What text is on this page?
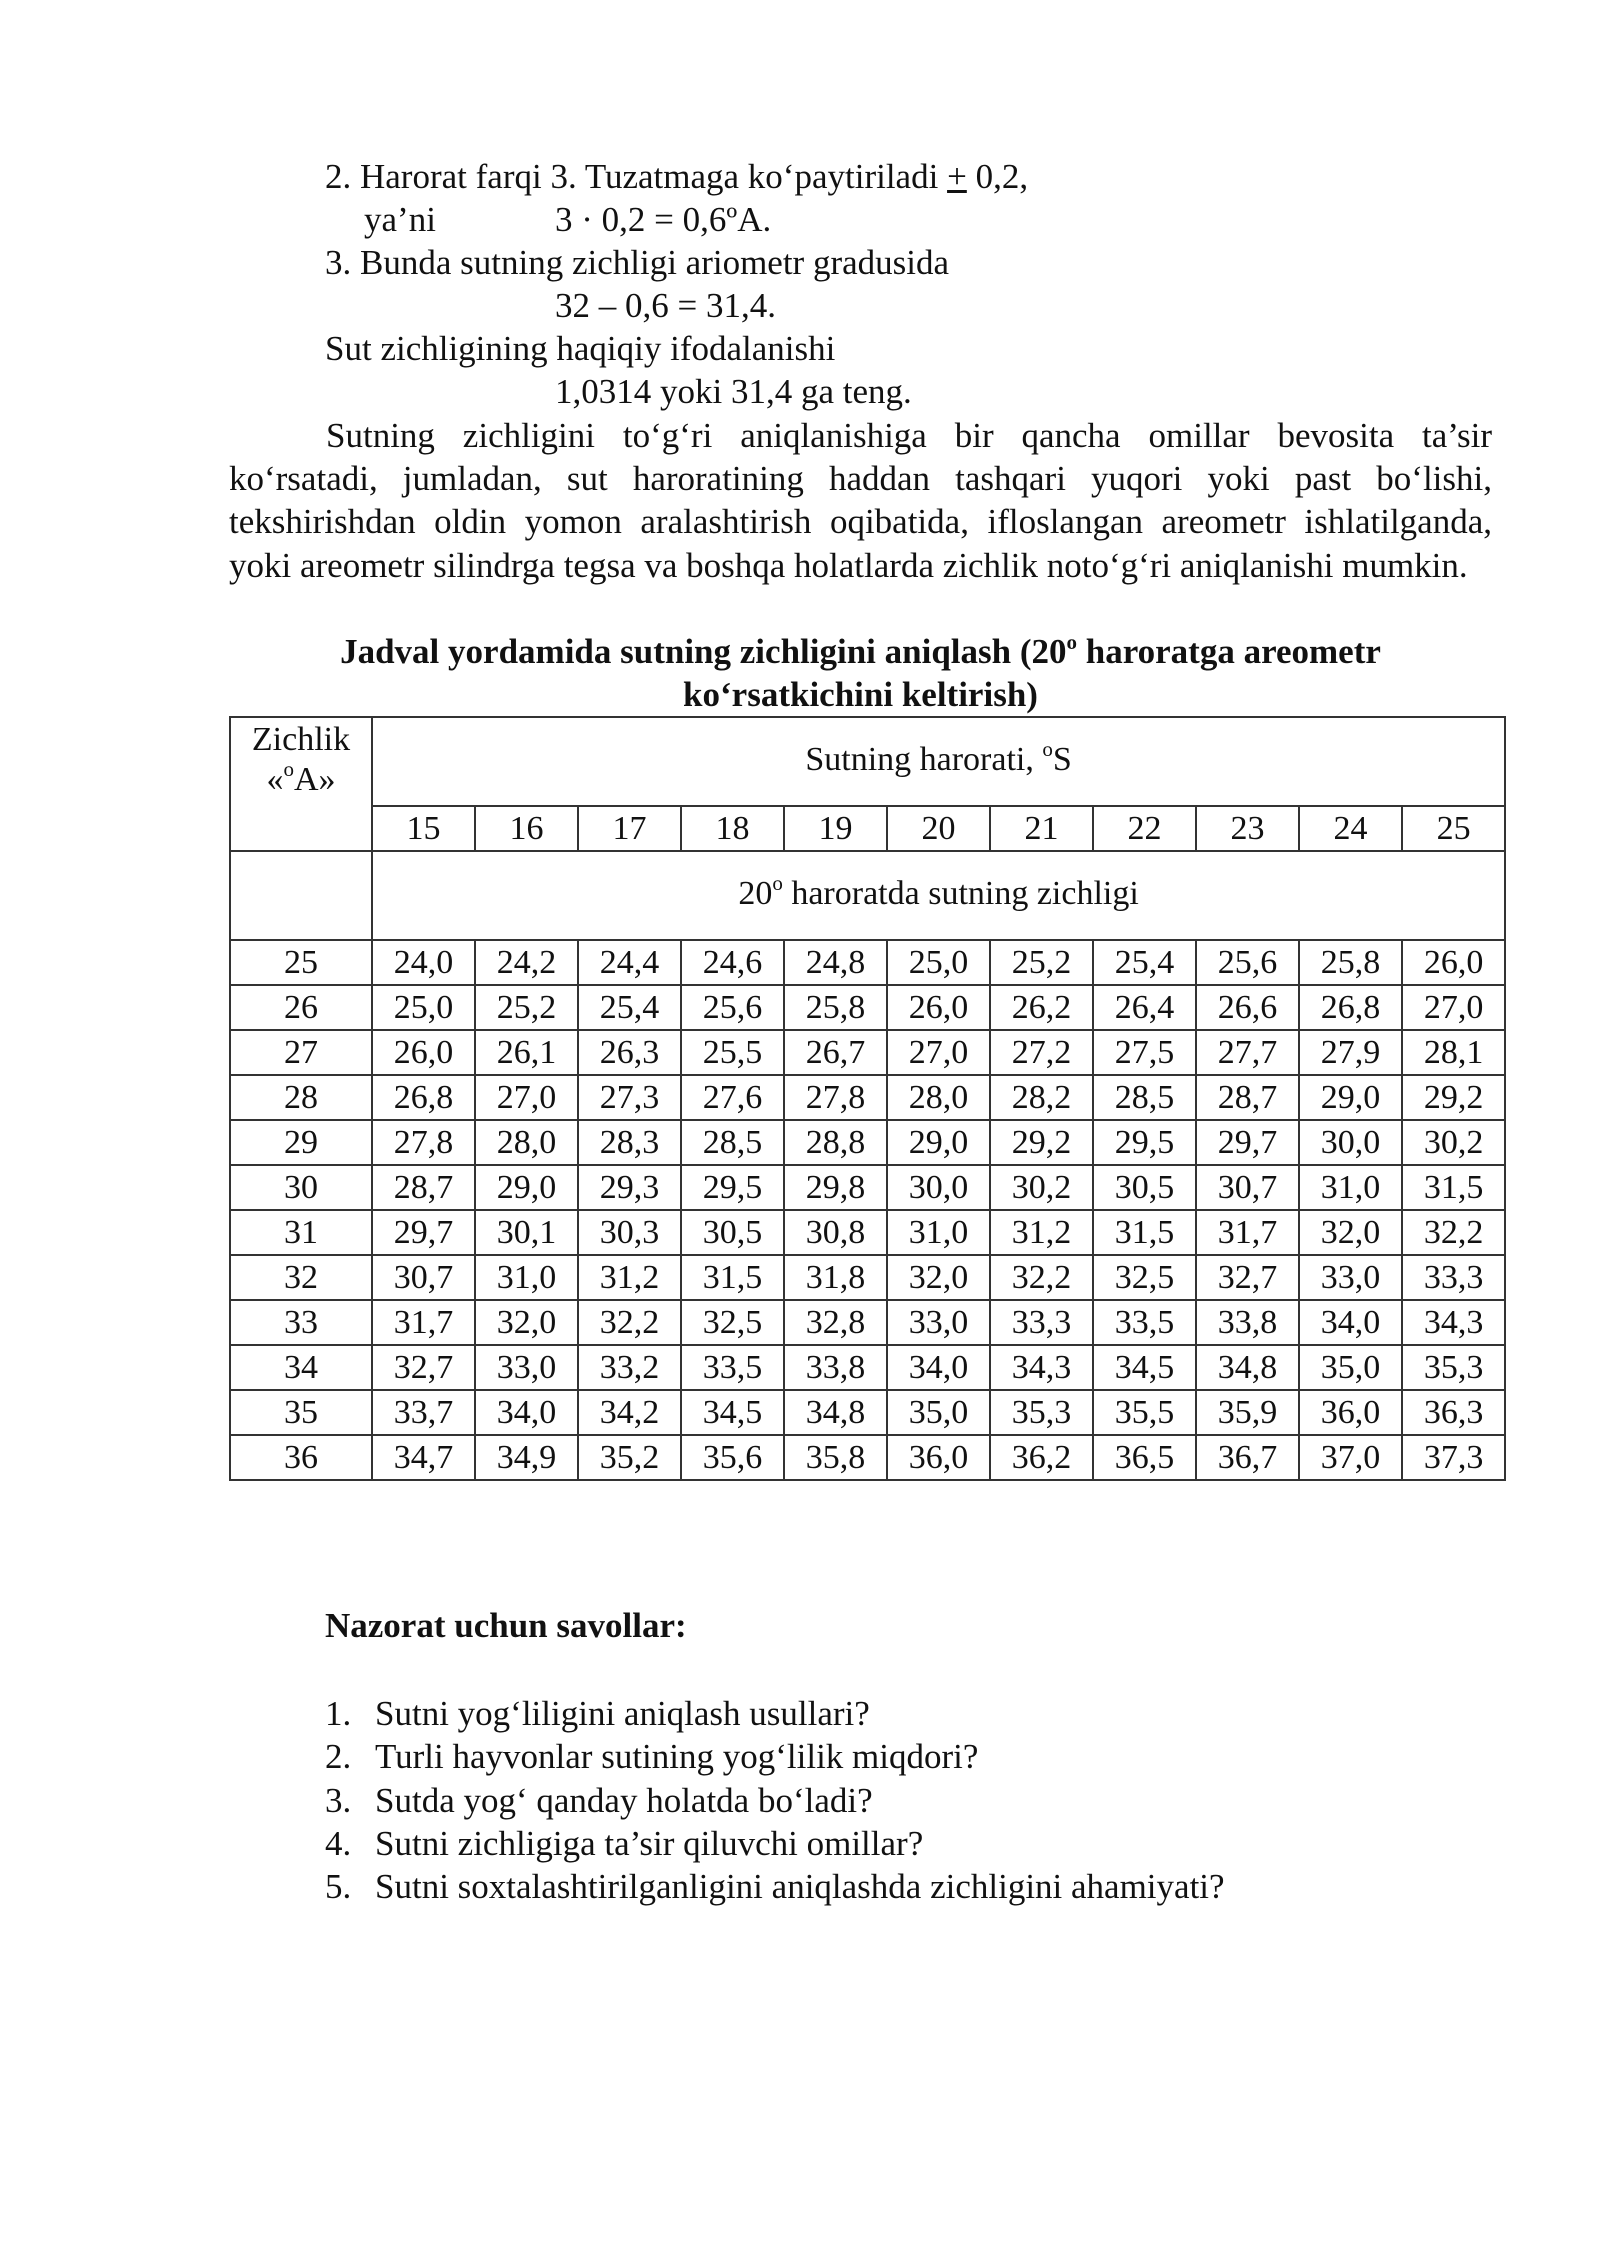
2. Harorat farqi 3. Tuzatmaga ko‘paytiriladi + 0,2,
ya’ni	3 · 0,2 = 0,6ºA.
3. Bunda sutning zichligi ariometr gradusida
32 – 0,6 = 31,4.
Sut zichligining haqiqiy ifodalanishi
1,0314 yoki 31,4 ga teng.
Sutning zichligini to‘g‘ri aniqlanishiga bir qancha omillar bevosita ta’sir ko‘rsatadi, jumladan, sut haroratining haddan tashqari yuqori yoki past bo‘lishi, tekshirishdan oldin yomon aralashtirish oqibatida, ifloslangan areometr ishlatilganda, yoki areometr silindrga tegsa va boshqa holatlarda zichlik noto‘g‘ri aniqlanishi mumkin.
Jadval yordamida sutning zichligini aniqlash (20$^o$ haroratga areometr
ko‘rsatkichini keltirish)
Zichlik
«$^o$A»	Sutning harorati, $^o$S										
	15	16	17	18	19	20	21	22	23	24	25
	20$^o$ haroratda sutning zichligi										
25	24,0	24,2	24,4	24,6	24,8	25,0	25,2	25,4	25,6	25,8	26,0
26	25,0	25,2	25,4	25,6	25,8	26,0	26,2	26,4	26,6	26,8	27,0
27	26,0	26,1	26,3	25,5	26,7	27,0	27,2	27,5	27,7	27,9	28,1
28	26,8	27,0	27,3	27,6	27,8	28,0	28,2	28,5	28,7	29,0	29,2
29	27,8	28,0	28,3	28,5	28,8	29,0	29,2	29,5	29,7	30,0	30,2
30	28,7	29,0	29,3	29,5	29,8	30,0	30,2	30,5	30,7	31,0	31,5
31	29,7	30,1	30,3	30,5	30,8	31,0	31,2	31,5	31,7	32,0	32,2
32	30,7	31,0	31,2	31,5	31,8	32,0	32,2	32,5	32,7	33,0	33,3
33	31,7	32,0	32,2	32,5	32,8	33,0	33,3	33,5	33,8	34,0	34,3
34	32,7	33,0	33,2	33,5	33,8	34,0	34,3	34,5	34,8	35,0	35,3
35	33,7	34,0	34,2	34,5	34,8	35,0	35,3	35,5	35,9	36,0	36,3
36	34,7	34,9	35,2	35,6	35,8	36,0	36,2	36,5	36,7	37,0	37,3
Nazorat uchun savollar:
1. Sutni yog‘liligini aniqlash usullari?
2. Turli hayvonlar sutining yog‘lilik miqdori?
3. Sutda yog‘ qanday holatda bo‘ladi?
4. Sutni zichligiga ta’sir qiluvchi omillar?
5. Sutni soxtalashtirilganligini aniqlashda zichligini ahamiyati?
